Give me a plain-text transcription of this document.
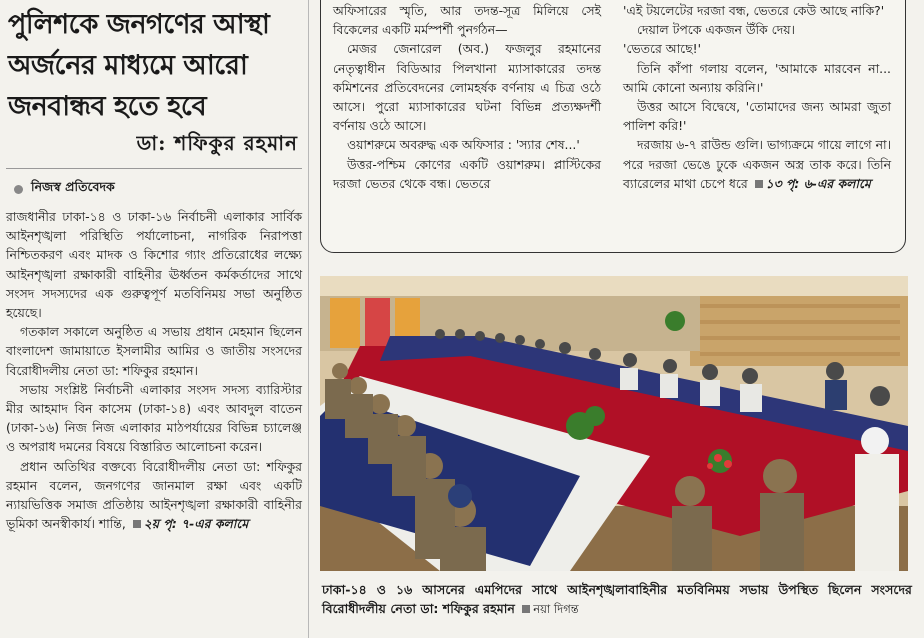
পুলিশকে জনগণের আস্থা
অর্জনের মাধ্যমে আরো
জনবান্ধব হতে হবে
ডা: শফিকুর রহমান
নিজস্ব প্রতিবেদক

রাজধানীর ঢাকা-১৪ ও ঢাকা-১৬ নির্বাচনী এলাকার সার্বিক আইনশৃঙ্খলা পরিস্থিতি পর্যালোচনা, নাগরিক নিরাপত্তা নিশ্চিতকরণ এবং মাদক ও কিশোর গ্যাং প্রতিরোধের লক্ষ্যে আইনশৃঙ্খলা রক্ষাকারী বাহিনীর ঊর্ধ্বতন কর্মকর্তাদের সাথে সংসদ সদস্যদের এক গুরুত্বপূর্ণ মতবিনিময় সভা অনুষ্ঠিত হয়েছে।

গতকাল সকালে অনুষ্ঠিত এ সভায় প্রধান মেহমান ছিলেন বাংলাদেশ জামায়াতে ইসলামীর আমির ও জাতীয় সংসদের বিরোধীদলীয় নেতা ডা: শফিকুর রহমান।

সভায় সংশ্লিষ্ট নির্বাচনী এলাকার সংসদ সদস্য ব্যারিস্টার মীর আহমাদ বিন কাসেম (ঢাকা-১৪) এবং আবদুল বাতেন (ঢাকা-১৬) নিজ নিজ এলাকার মাঠপর্যায়ের বিভিন্ন চ্যালেঞ্জ ও অপরাধ দমনের বিষয়ে বিস্তারিত আলোচনা করেন।

প্রধান অতিথির বক্তব্যে বিরোধীদলীয় নেতা ডা: শফিকুর রহমান বলেন, জনগণের জানমাল রক্ষা এবং একটি ন্যায়ভিত্তিক সমাজ প্রতিষ্ঠায় আইনশৃঙ্খলা রক্ষাকারী বাহিনীর ভূমিকা অনস্বীকার্য। শান্তি, ২য় পৃ: ৭-এর কলামে

অফিসারের স্মৃতি, আর তদন্ত-সূত্র মিলিয়ে সেই বিকেলের একটি মর্মস্পর্শী পুনর্গঠন—

মেজর জেনারেল (অব.) ফজলুর রহমানের নেতৃত্বাধীন বিডিআর পিলখানা ম্যাসাকারের তদন্ত কমিশনের প্রতিবেদনের লোমহর্ষক বর্ণনায় এ চিত্র ওঠে আসে। পুরো ম্যাসাকারের ঘটনা বিভিন্ন প্রত্যক্ষদর্শী বর্ণনায় ওঠে আসে।

ওয়াশরুমে অবরুদ্ধ এক অফিসার : 'স্যার শেষ...'

উত্তর-পশ্চিম কোণের একটি ওয়াশরুম। প্লাস্টিকের দরজা ভেতর থেকে বন্ধ। ভেতরে

'এই টয়লেটের দরজা বন্ধ, ভেতরে কেউ আছে নাকি?'

দেয়াল টপকে একজন উঁকি দেয়।

'ভেতরে আছে!'

তিনি কাঁপা গলায় বলেন, 'আমাকে মারবেন না... আমি কোনো অন্যায় করিনি।'

উত্তর আসে বিদ্বেষে, 'তোমাদের জন্য আমরা জুতা পালিশ করি!'

দরজায় ৬-৭ রাউন্ড গুলি। ভাগ্যক্রমে গায়ে লাগে না। পরে দরজা ভেঙে ঢুকে একজন অস্ত্র তাক করে। তিনি ব্যারেলের মাথা চেপে ধরে ১৩ পৃ: ৬-এর কলামে

ঢাকা-১৪ ও ১৬ আসনের এমপিদের সাথে আইনশৃঙ্খলাবাহিনীর মতবিনিময় সভায় উপস্থিত ছিলেন সংসদের বিরোধীদলীয় নেতা ডা: শফিকুর রহমান নয়া দিগন্ত
